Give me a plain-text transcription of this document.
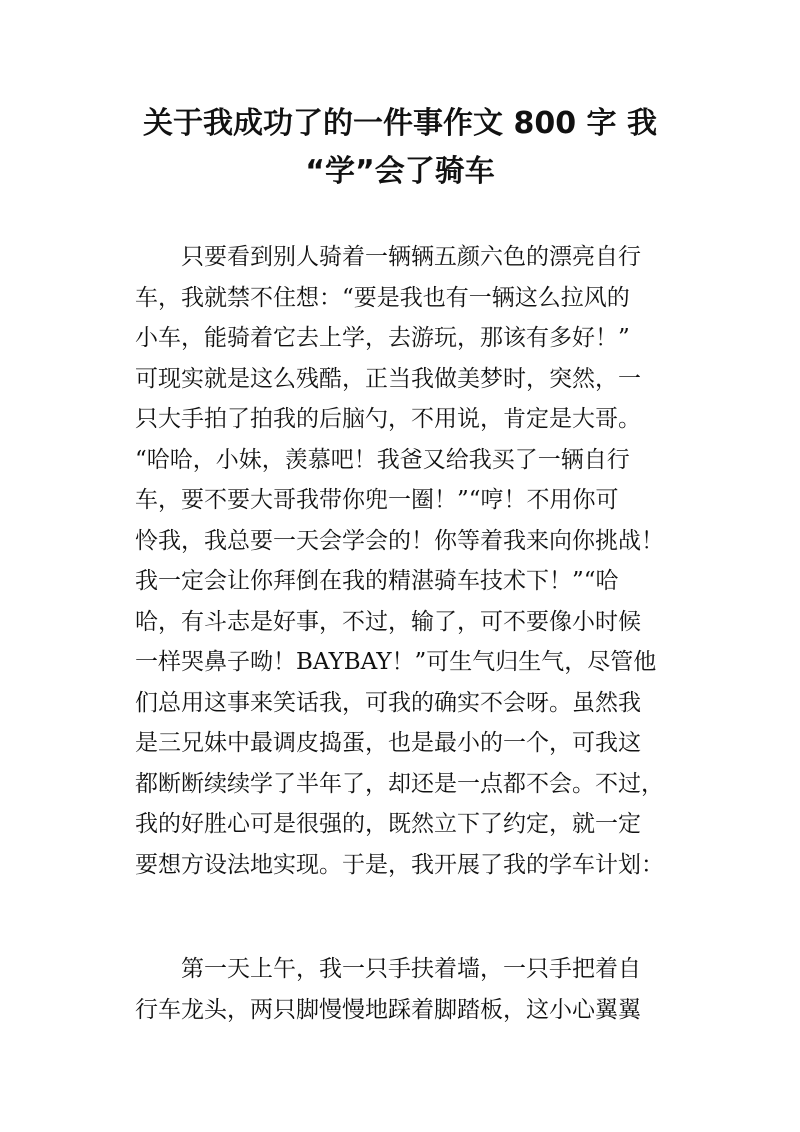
关于我成功了的一件事作文 800 字 我
“学”会了骑车
　　只要看到别人骑着一辆辆五颜六色的漂亮自行
车，我就禁不住想：“要是我也有一辆这么拉风的
小车，能骑着它去上学，去游玩，那该有多好！”
可现实就是这么残酷，正当我做美梦时，突然，一
只大手拍了拍我的后脑勺，不用说，肯定是大哥。
“哈哈，小妹，羡慕吧！我爸又给我买了一辆自行
车，要不要大哥我带你兜一圈！”“哼！不用你可
怜我，我总要一天会学会的！你等着我来向你挑战！
我一定会让你拜倒在我的精湛骑车技术下！”“哈
哈，有斗志是好事，不过，输了，可不要像小时候
一样哭鼻子呦！BAYBAY！”可生气归生气，尽管他
们总用这事来笑话我，可我的确实不会呀。虽然我
是三兄妹中最调皮捣蛋，也是最小的一个，可我这
都断断续续学了半年了，却还是一点都不会。不过，
我的好胜心可是很强的，既然立下了约定，就一定
要想方设法地实现。于是，我开展了我的学车计划：
　　第一天上午，我一只手扶着墙，一只手把着自
行车龙头，两只脚慢慢地踩着脚踏板，这小心翼翼
